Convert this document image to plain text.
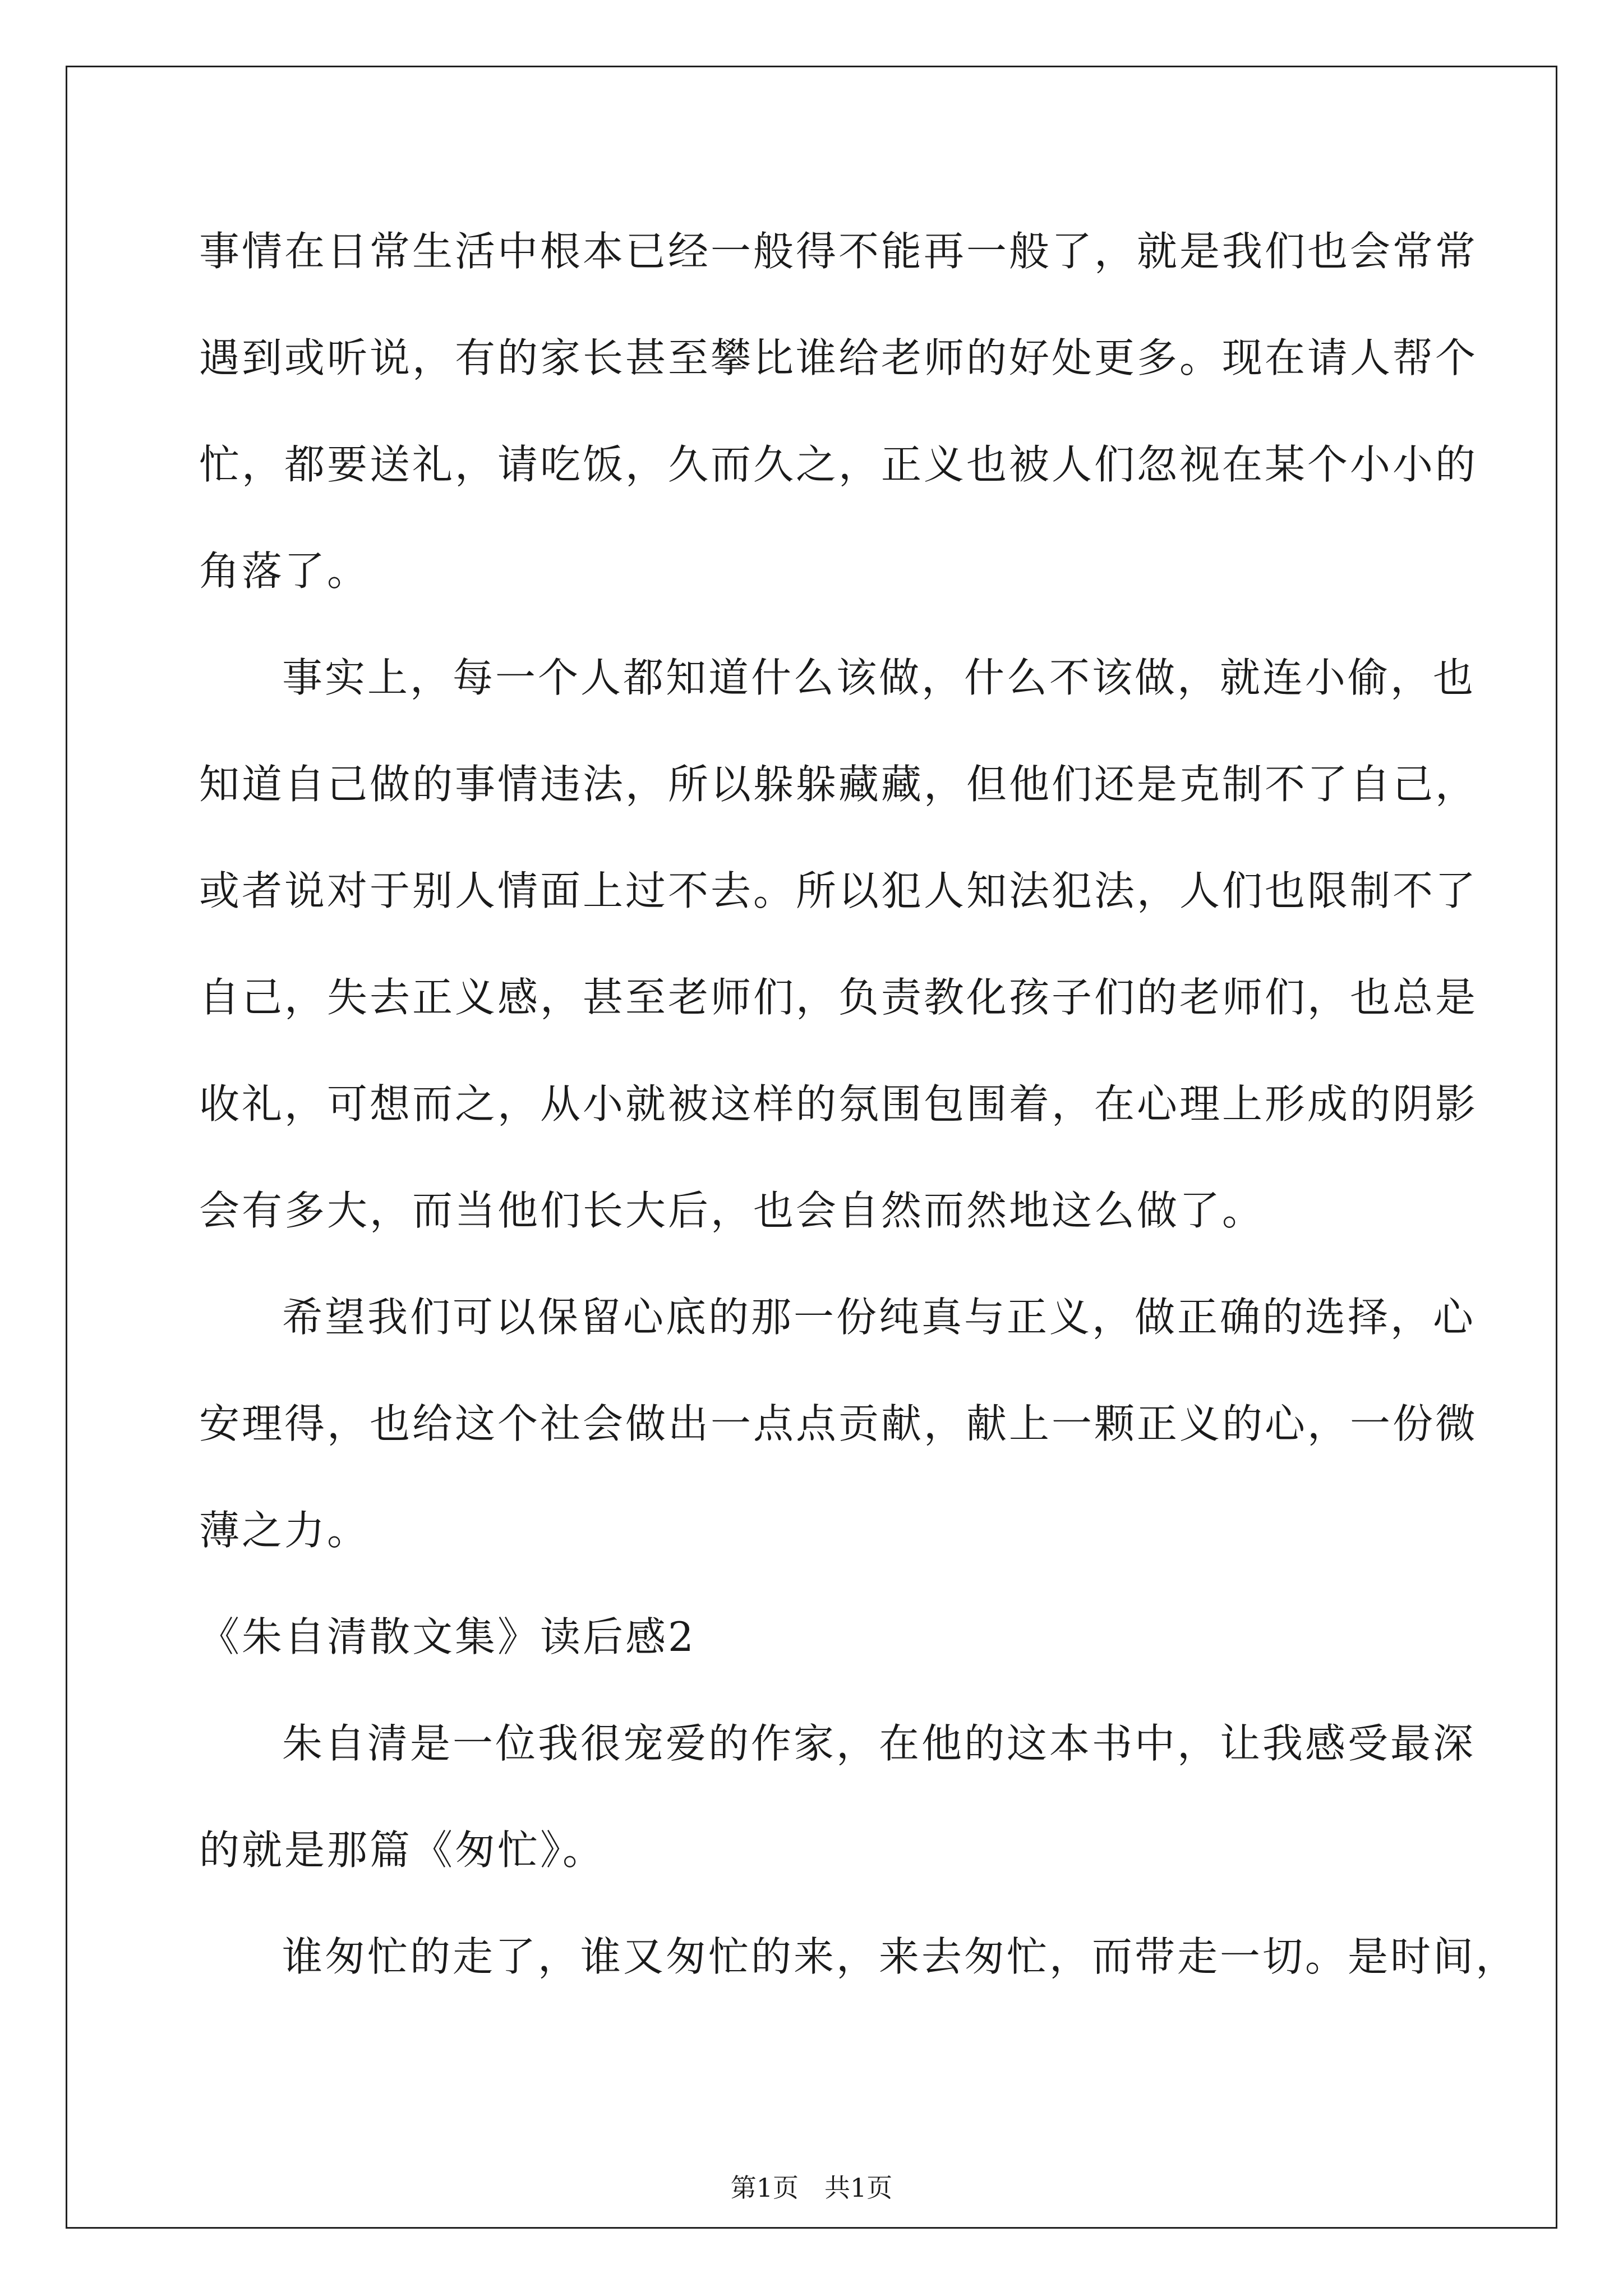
事情在日常生活中根本已经一般得不能再一般了，就是我们也会常常
遇到或听说，有的家长甚至攀比谁给老师的好处更多。现在请人帮个
忙，都要送礼，请吃饭，久而久之，正义也被人们忽视在某个小小的
角落了。
事实上，每一个人都知道什么该做，什么不该做，就连小偷，也
知道自己做的事情违法，所以躲躲藏藏，但他们还是克制不了自己，
或者说对于别人情面上过不去。所以犯人知法犯法，人们也限制不了
自己，失去正义感，甚至老师们，负责教化孩子们的老师们，也总是
收礼，可想而之，从小就被这样的氛围包围着，在心理上形成的阴影
会有多大，而当他们长大后，也会自然而然地这么做了。
希望我们可以保留心底的那一份纯真与正义，做正确的选择，心
安理得，也给这个社会做出一点点贡献，献上一颗正义的心，一份微
薄之力。
《朱自清散文集》读后感2
朱自清是一位我很宠爱的作家，在他的这本书中，让我感受最深
的就是那篇《匆忙》。
谁匆忙的走了，谁又匆忙的来，来去匆忙，而带走一切。是时间，
第1页　共1页
